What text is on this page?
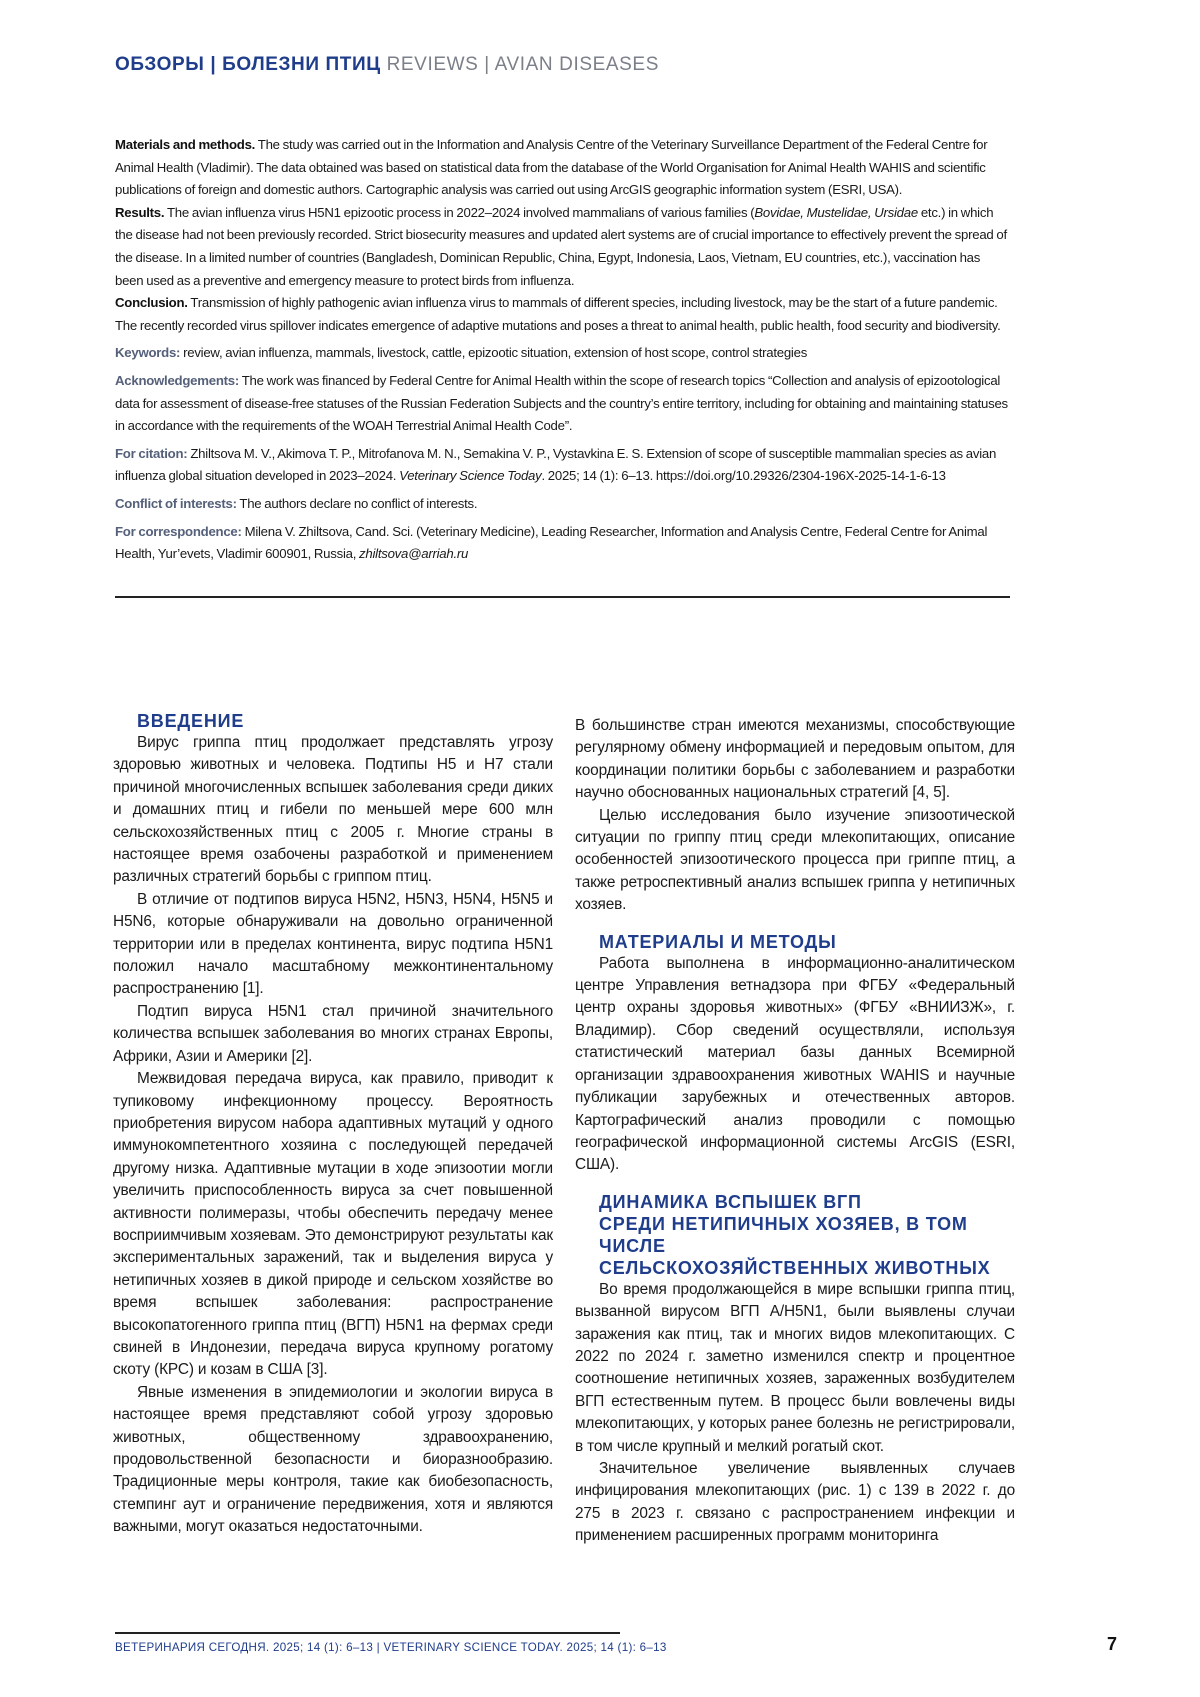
ОБЗОРЫ | БОЛЕЗНИ ПТИЦ REVIEWS | AVIAN DISEASES

Materials and methods. The study was carried out in the Information and Analysis Centre of the Veterinary Surveillance Department of the Federal Centre for Animal Health (Vladimir). The data obtained was based on statistical data from the database of the World Organisation for Animal Health WAHIS and scientific publications of foreign and domestic authors. Cartographic analysis was carried out using ArcGIS geographic information system (ESRI, USA).

Results. The avian influenza virus H5N1 epizootic process in 2022–2024 involved mammalians of various families (Bovidae, Mustelidae, Ursidae etc.) in which the disease had not been previously recorded. Strict biosecurity measures and updated alert systems are of crucial importance to effectively prevent the spread of the disease. In a limited number of countries (Bangladesh, Dominican Republic, China, Egypt, Indonesia, Laos, Vietnam, EU countries, etc.), vaccination has been used as a preventive and emergency measure to protect birds from influenza.

Conclusion. Transmission of highly pathogenic avian influenza virus to mammals of different species, including livestock, may be the start of a future pandemic. The recently recorded virus spillover indicates emergence of adaptive mutations and poses a threat to animal health, public health, food security and biodiversity.

Keywords: review, avian influenza, mammals, livestock, cattle, epizootic situation, extension of host scope, control strategies

Acknowledgements: The work was financed by Federal Centre for Animal Health within the scope of research topics “Collection and analysis of epizootological data for assessment of disease-free statuses of the Russian Federation Subjects and the country’s entire territory, including for obtaining and maintaining statuses in accordance with the requirements of the WOAH Terrestrial Animal Health Code”.

For citation: Zhiltsova M. V., Akimova T. P., Mitrofanova M. N., Semakina V. P., Vystavkina E. S. Extension of scope of susceptible mammalian species as avian influenza global situation developed in 2023–2024. Veterinary Science Today. 2025; 14 (1): 6–13. https://doi.org/10.29326/2304-196X-2025-14-1-6-13

Conflict of interests: The authors declare no conflict of interests.

For correspondence: Milena V. Zhiltsova, Cand. Sci. (Veterinary Medicine), Leading Researcher, Information and Analysis Centre, Federal Centre for Animal Health, Yur’evets, Vladimir 600901, Russia, zhiltsova@arriah.ru

ВВЕДЕНИЕ

Вирус гриппа птиц продолжает представлять угрозу здоровью животных и человека. Подтипы H5 и H7 стали причиной многочисленных вспышек заболевания среди диких и домашних птиц и гибели по меньшей мере 600 млн сельскохозяйственных птиц с 2005 г. Многие страны в настоящее время озабочены разработкой и применением различных стратегий борьбы с гриппом птиц.

В отличие от подтипов вируса H5N2, H5N3, H5N4, H5N5 и H5N6, которые обнаруживали на довольно ограниченной территории или в пределах континента, вирус подтипа H5N1 положил начало масштабному межконтинентальному распространению [1].

Подтип вируса H5N1 стал причиной значительного количества вспышек заболевания во многих странах Европы, Африки, Азии и Америки [2].

Межвидовая передача вируса, как правило, приводит к тупиковому инфекционному процессу. Вероятность приобретения вирусом набора адаптивных мутаций у одного иммунокомпетентного хозяина с последующей передачей другому низка. Адаптивные мутации в ходе эпизоотии могли увеличить приспособленность вируса за счет повышенной активности полимеразы, чтобы обеспечить передачу менее восприимчивым хозяевам. Это демонстрируют результаты как экспериментальных заражений, так и выделения вируса у нетипичных хозяев в дикой природе и сельском хозяйстве во время вспышек заболевания: распространение высокопатогенного гриппа птиц (ВГП) H5N1 на фермах среди свиней в Индонезии, передача вируса крупному рогатому скоту (КРС) и козам в США [3].

Явные изменения в эпидемиологии и экологии вируса в настоящее время представляют собой угрозу здоровью животных, общественному здравоохранению, продовольственной безопасности и биоразнообразию. Традиционные меры контроля, такие как биобезопасность, стемпинг аут и ограничение передвижения, хотя и являются важными, могут оказаться недостаточными.

В большинстве стран имеются механизмы, способствующие регулярному обмену информацией и передовым опытом, для координации политики борьбы с заболеванием и разработки научно обоснованных национальных стратегий [4, 5].

Целью исследования было изучение эпизоотической ситуации по гриппу птиц среди млекопитающих, описание особенностей эпизоотического процесса при гриппе птиц, а также ретроспективный анализ вспышек гриппа у нетипичных хозяев.

МАТЕРИАЛЫ И МЕТОДЫ

Работа выполнена в информационно-аналитическом центре Управления ветнадзора при ФГБУ «Федеральный центр охраны здоровья животных» (ФГБУ «ВНИИЗЖ», г. Владимир). Сбор сведений осуществляли, используя статистический материал базы данных Всемирной организации здравоохранения животных WAHIS и научные публикации зарубежных и отечественных авторов. Картографический анализ проводили с помощью географической информационной системы ArcGIS (ESRI, США).

ДИНАМИКА ВСПЫШЕК ВГП
СРЕДИ НЕТИПИЧНЫХ ХОЗЯЕВ, В ТОМ ЧИСЛЕ
СЕЛЬСКОХОЗЯЙСТВЕННЫХ ЖИВОТНЫХ

Во время продолжающейся в мире вспышки гриппа птиц, вызванной вирусом ВГП A/H5N1, были выявлены случаи заражения как птиц, так и многих видов млекопитающих. С 2022 по 2024 г. заметно изменился спектр и процентное соотношение нетипичных хозяев, зараженных возбудителем ВГП естественным путем. В процесс были вовлечены виды млекопитающих, у которых ранее болезнь не регистрировали, в том числе крупный и мелкий рогатый скот.

Значительное увеличение выявленных случаев инфицирования млекопитающих (рис. 1) с 139 в 2022 г. до 275 в 2023 г. связано с распространением инфекции и применением расширенных программ мониторинга

ВЕТЕРИНАРИЯ СЕГОДНЯ. 2025; 14 (1): 6–13 | VETERINARY SCIENCE TODAY. 2025; 14 (1): 6–13	7
